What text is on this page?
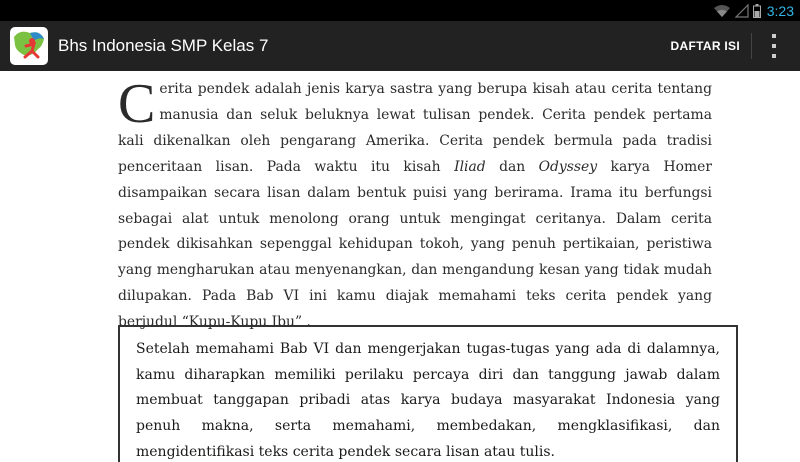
3:23
Bhs Indonesia SMP Kelas 7	DAFTAR ISI

Cerita pendek adalah jenis karya sastra yang berupa kisah atau cerita tentang manusia dan seluk beluknya lewat tulisan pendek. Cerita pendek pertama kali dikenalkan oleh pengarang Amerika. Cerita pendek bermula pada tradisi penceritaan lisan. Pada waktu itu kisah Iliad dan Odyssey karya Homer disampaikan secara lisan dalam bentuk puisi yang berirama. Irama itu berfungsi sebagai alat untuk menolong orang untuk mengingat ceritanya. Dalam cerita pendek dikisahkan sepenggal kehidupan tokoh, yang penuh pertikaian, peristiwa yang mengharukan atau menyenangkan, dan mengandung kesan yang tidak mudah dilupakan. Pada Bab VI ini kamu diajak memahami teks cerita pendek yang berjudul “Kupu-Kupu Ibu” .

Setelah memahami Bab VI dan mengerjakan tugas-tugas yang ada di dalamnya, kamu diharapkan memiliki perilaku percaya diri dan tanggung jawab dalam membuat tanggapan pribadi atas karya budaya masyarakat Indonesia yang penuh makna, serta memahami, membedakan, mengklasifikasi, dan mengidentifikasi teks cerita pendek secara lisan atau tulis.
